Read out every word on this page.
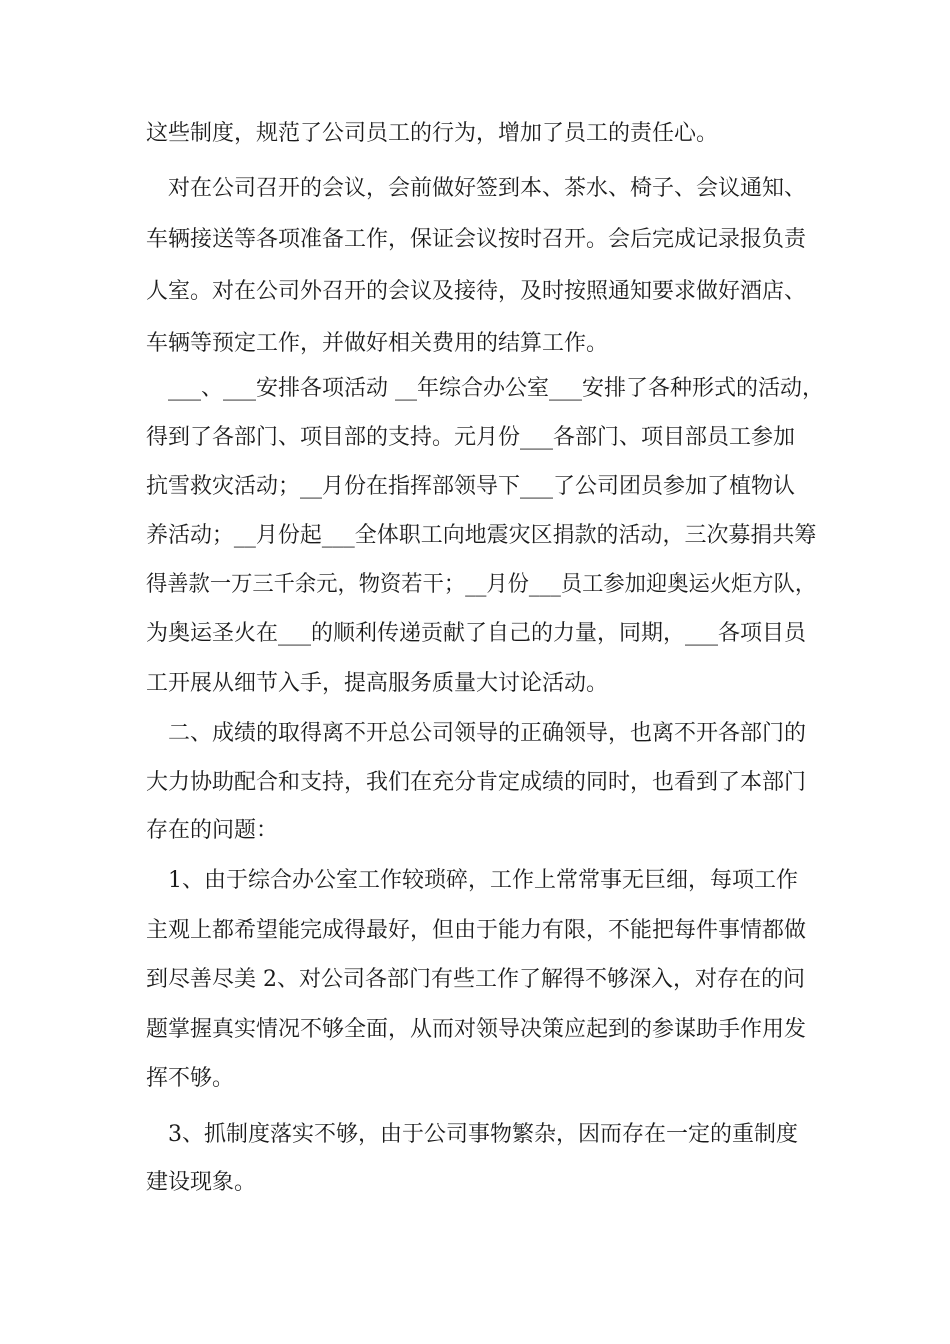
这些制度，规范了公司员工的行为，增加了员工的责任心。
对在公司召开的会议，会前做好签到本、茶水、椅子、会议通知、
车辆接送等各项准备工作，保证会议按时召开。会后完成记录报负责
人室。对在公司外召开的会议及接待，及时按照通知要求做好酒店、
车辆等预定工作，并做好相关费用的结算工作。
___、___安排各项活动 __年综合办公室___安排了各种形式的活动，
得到了各部门、项目部的支持。元月份___各部门、项目部员工参加
抗雪救灾活动；__月份在指挥部领导下___了公司团员参加了植物认
养活动；__月份起___全体职工向地震灾区捐款的活动，三次募捐共筹
得善款一万三千余元，物资若干；__月份___员工参加迎奥运火炬方队，
为奥运圣火在___的顺利传递贡献了自己的力量，同期，___各项目员
工开展从细节入手，提高服务质量大讨论活动。
二、成绩的取得离不开总公司领导的正确领导，也离不开各部门的
大力协助配合和支持，我们在充分肯定成绩的同时，也看到了本部门
存在的问题：
1、由于综合办公室工作较琐碎，工作上常常事无巨细，每项工作
主观上都希望能完成得最好，但由于能力有限，不能把每件事情都做
到尽善尽美 2、对公司各部门有些工作了解得不够深入，对存在的问
题掌握真实情况不够全面，从而对领导决策应起到的参谋助手作用发
挥不够。
3、抓制度落实不够，由于公司事物繁杂，因而存在一定的重制度
建设现象。
